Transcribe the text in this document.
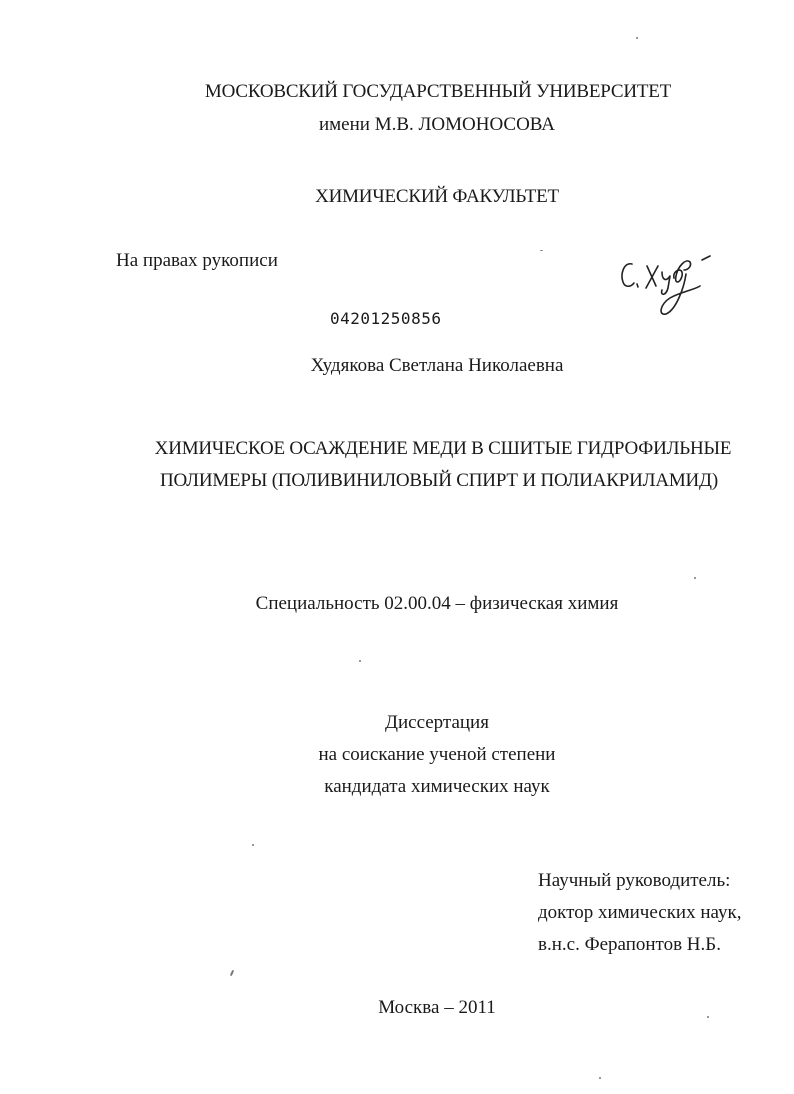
МОСКОВСКИЙ ГОСУДАРСТВЕННЫЙ УНИВЕРСИТЕТ
имени М.В. ЛОМОНОСОВА
ХИМИЧЕСКИЙ ФАКУЛЬТЕТ
На правах рукописи
04201250856
Худякова Светлана Николаевна
ХИМИЧЕСКОЕ ОСАЖДЕНИЕ МЕДИ В СШИТЫЕ ГИДРОФИЛЬНЫЕ
ПОЛИМЕРЫ (ПОЛИВИНИЛОВЫЙ СПИРТ И ПОЛИАКРИЛАМИД)
Специальность 02.00.04 – физическая химия
Диссертация
на соискание ученой степени
кандидата химических наук
Научный руководитель:
доктор химических наук,
в.н.с. Ферапонтов Н.Б.
Москва – 2011
